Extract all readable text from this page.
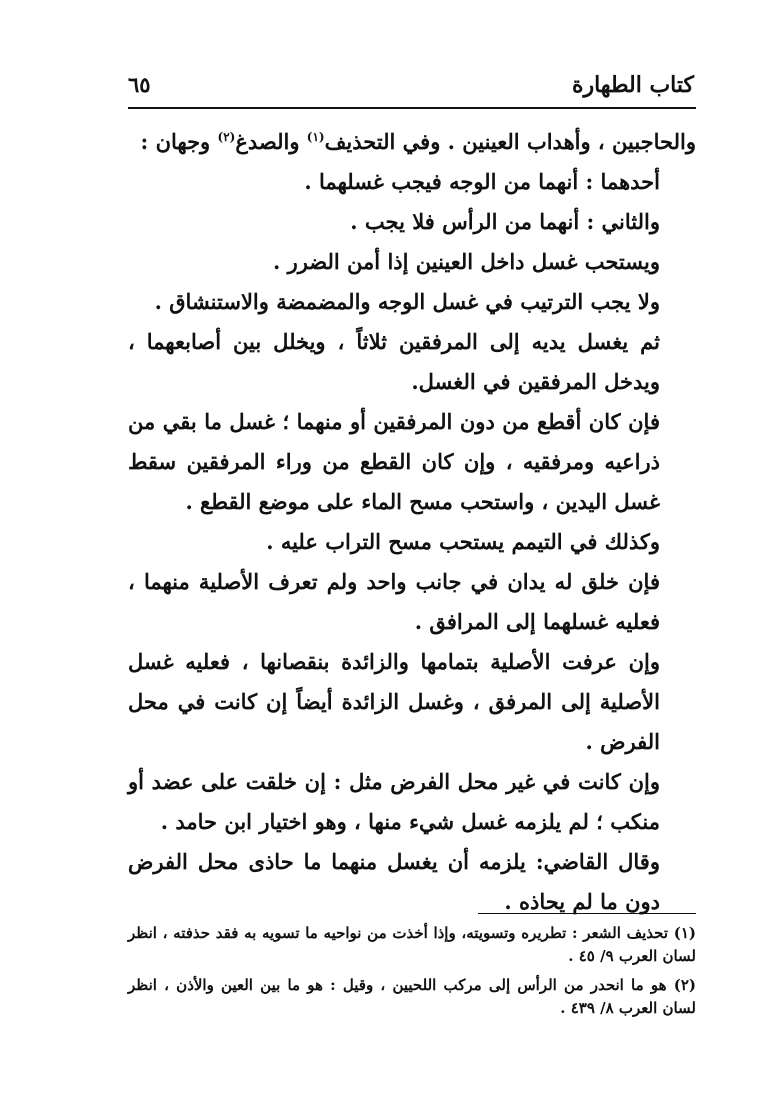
كتاب الطهارة
٦٥

والحاجبين ، وأهداب العينين . وفي التحذيف$^{(١)}$ والصدغ$^{(٢)}$ وجهان :

أحدهما : أنهما من الوجه فيجب غسلهما .

والثاني : أنهما من الرأس فلا يجب .

ويستحب غسل داخل العينين إذا أمن الضرر .

ولا يجب الترتيب في غسل الوجه والمضمضة والاستنشاق .

ثم يغسل يديه إلى المرفقين ثلاثاً ، ويخلل بين أصابعهما ، ويدخل المرفقين في الغسل.

فإن كان أقطع من دون المرفقين أو منهما ؛ غسل ما بقي من ذراعيه ومرفقيه ، وإن كان القطع من وراء المرفقين سقط غسل اليدين ، واستحب مسح الماء على موضع القطع .

وكذلك في التيمم يستحب مسح التراب عليه .

فإن خلق له يدان في جانب واحد ولم تعرف الأصلية منهما ، فعليه غسلهما إلى المرافق .

وإن عرفت الأصلية بتمامها والزائدة بنقصانها ، فعليه غسل الأصلية إلى المرفق ، وغسل الزائدة أيضاً إن كانت في محل الفرض .

وإن كانت في غير محل الفرض مثل : إن خلقت على عضد أو منكب ؛ لم يلزمه غسل شيء منها ، وهو اختيار ابن حامد .

وقال القاضي: يلزمه أن يغسل منهما ما حاذى محل الفرض دون ما لم يحاذه .

(١) تحذيف الشعر : تطريره وتسويته، وإذا أخذت من نواحيه ما تسويه به فقد حذفته ، انظر لسان العرب ٩/ ٤٥ .

(٢) هو ما انحدر من الرأس إلى مركب اللحيين ، وقيل : هو ما بين العين والأذن ، انظر لسان العرب ٨/ ٤٣٩ .
